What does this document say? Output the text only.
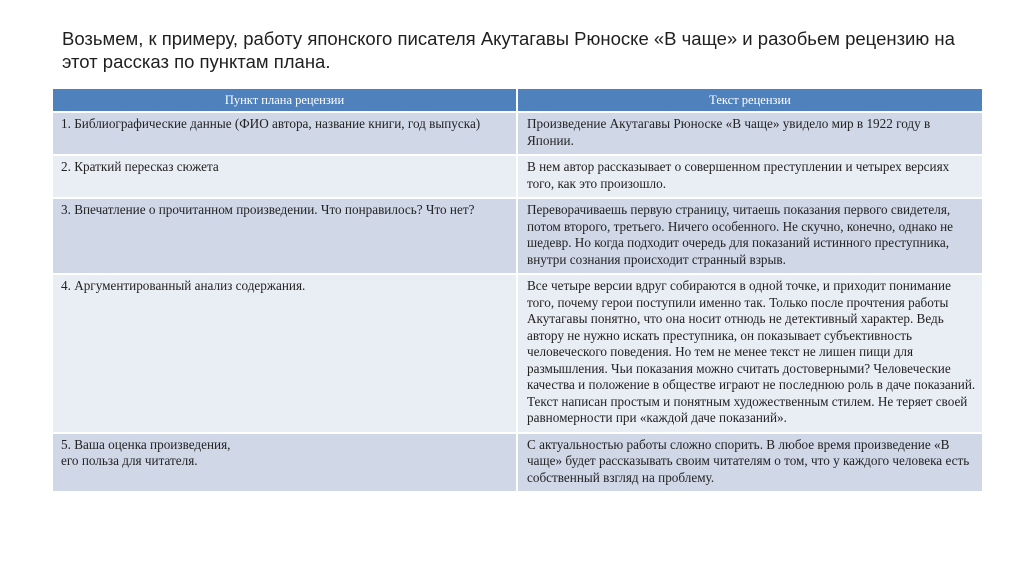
Возьмем, к примеру, работу японского писателя Акутагавы Рюноске «В чаще» и разобьем рецензию на этот рассказ по пунктам плана.
Пункт плана рецензии	Текст рецензии

1. Библиографические данные (ФИО автора, название книги, год выпуска)	Произведение Акутагавы Рюноске «В чаще» увидело мир в 1922 году в Японии.

2. Краткий пересказ сюжета	В нем автор рассказывает о совершенном преступлении и четырех версиях того, как это произошло.

3. Впечатление о прочитанном произведении. Что понравилось? Что нет?	Переворачиваешь первую страницу, читаешь показания первого свидетеля, потом второго, третьего. Ничего особенного. Не скучно, конечно, однако не шедевр. Но когда подходит очередь для показаний истинного преступника, внутри сознания происходит странный взрыв.

4. Аргументированный анализ содержания.	Все четыре версии вдруг собираются в одной точке, и приходит понимание того, почему герои поступили именно так. Только после прочтения работы Акутагавы понятно, что она носит отнюдь не детективный характер. Ведь автору не нужно искать преступника, он показывает субъективность человеческого поведения. Но тем не менее текст не лишен пищи для размышления. Чьи показания можно считать достоверными? Человеческие качества и положение в обществе играют не последнюю роль в даче показаний. Текст написан простым и понятным художественным стилем. Не теряет своей равномерности при «каждой даче показаний».

5. Ваша оценка произведения,
его польза для читателя.	С актуальностью работы сложно спорить. В любое время произведение «В чаще» будет рассказывать своим читателям о том, что у каждого человека есть собственный взгляд на проблему.
